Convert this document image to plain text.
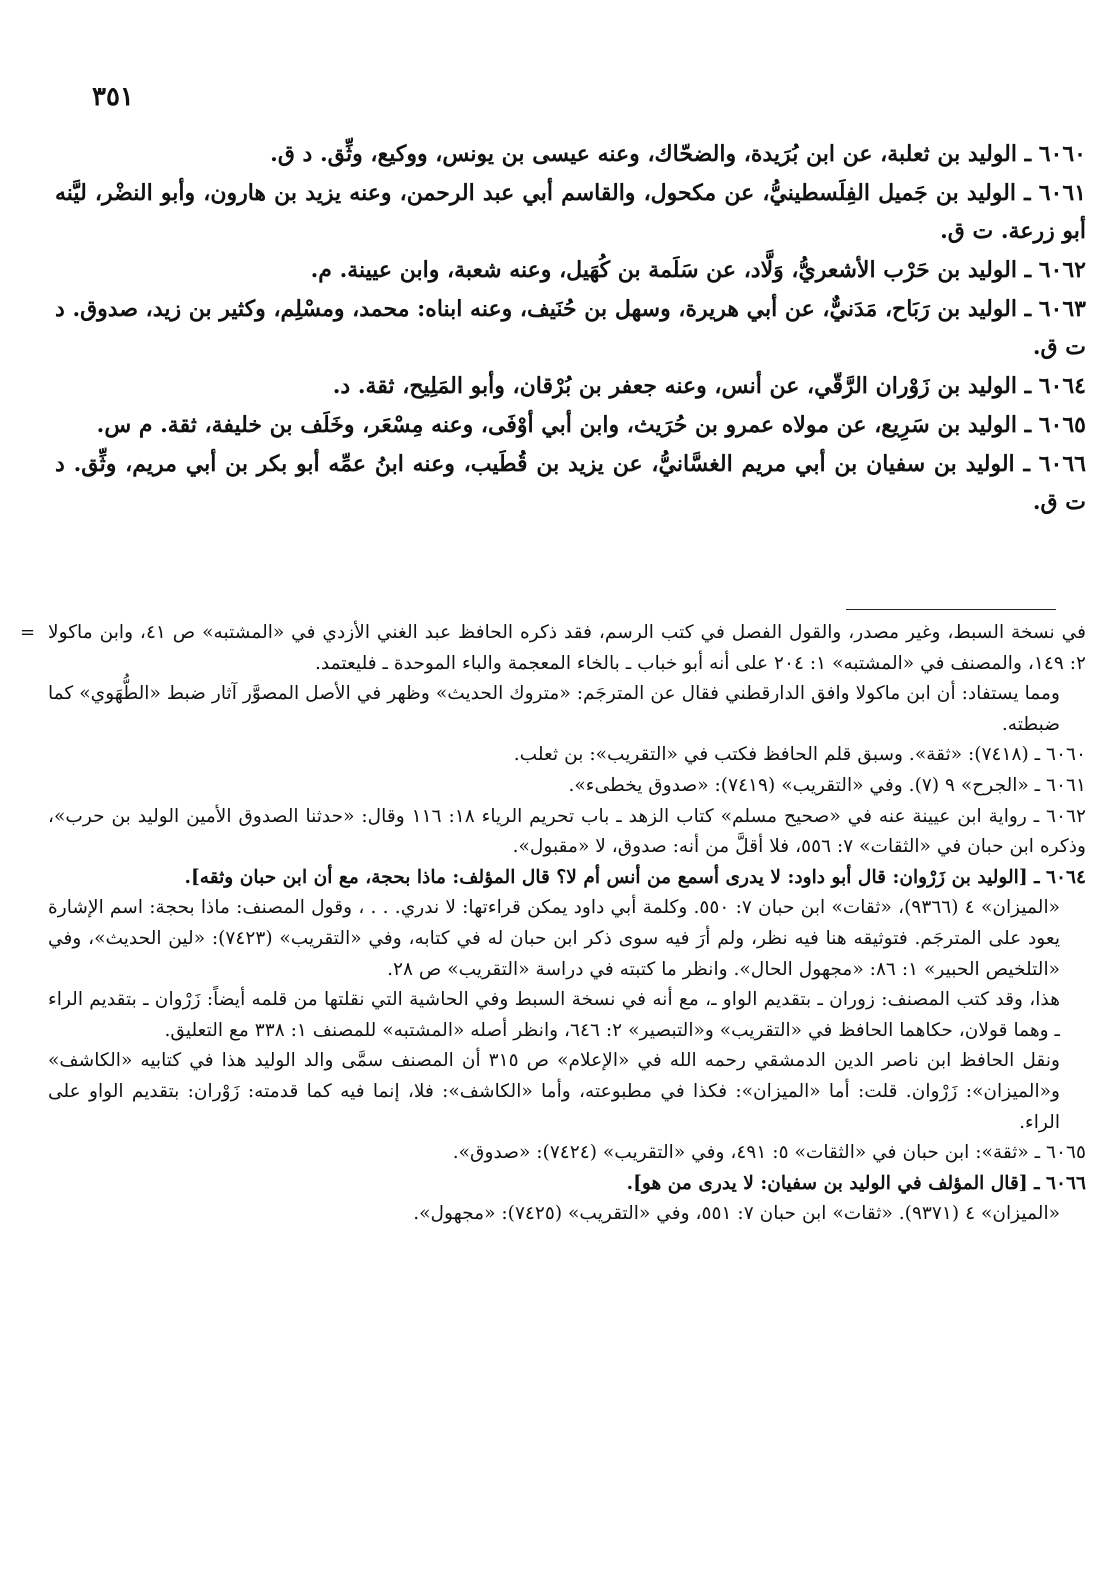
٣٥١
٦٠٦٠ ـ الوليد بن ثعلبة، عن ابن بُرَيدة، والضحّاك، وعنه عيسى بن يونس، ووكيع، وثِّق. د ق.
٦٠٦١ ـ الوليد بن جَميل الفِلَسطينيُّ، عن مكحول، والقاسم أبي عبد الرحمن، وعنه يزيد بن هارون، وأبو النضْر، ليَّنه أبو زرعة. ت ق.
٦٠٦٢ ـ الوليد بن حَرْب الأشعريُّ، وَلَّاد، عن سَلَمة بن كُهَيل، وعنه شعبة، وابن عيينة. م.
٦٠٦٣ ـ الوليد بن رَبَاح، مَدَنيٌّ، عن أبي هريرة، وسهل بن حُنَيف، وعنه ابناه: محمد، ومسْلِم، وكثير بن زيد، صدوق. د ت ق.
٦٠٦٤ ـ الوليد بن زَوْران الرَّقّي، عن أنس، وعنه جعفر بن بُرْقان، وأبو المَلِيح، ثقة. د.
٦٠٦٥ ـ الوليد بن سَرِيع، عن مولاه عمرو بن حُرَيث، وابن أبي أوْفَى، وعنه مِسْعَر، وخَلَف بن خليفة، ثقة. م س.
٦٠٦٦ ـ الوليد بن سفيان بن أبي مريم الغسَّانيُّ، عن يزيد بن قُطَيب، وعنه ابنُ عمِّه أبو بكر بن أبي مريم، وثِّق. د ت ق.
= في نسخة السبط، وغير مصدر، والقول الفصل في كتب الرسم، فقد ذكره الحافظ عبد الغني الأزدي في «المشتبه» ص ٤١، وابن ماكولا ٢: ١٤٩، والمصنف في «المشتبه» ١: ٢٠٤ على أنه أبو خباب ـ بالخاء المعجمة والباء الموحدة ـ فليعتمد.
ومما يستفاد: أن ابن ماكولا وافق الدارقطني فقال عن المترجَم: «متروك الحديث» وظهر في الأصل المصوَّر آثار ضبط «الطُّهَوي» كما ضبطته.
٦٠٦٠ ـ (٧٤١٨): «ثقة». وسبق قلم الحافظ فكتب في «التقريب»: بن ثعلب.
٦٠٦١ ـ «الجرح» ٩ (٧). وفي «التقريب» (٧٤١٩): «صدوق يخطىء».
٦٠٦٢ ـ رواية ابن عيينة عنه في «صحيح مسلم» كتاب الزهد ـ باب تحريم الرياء ١٨: ١١٦ وقال: «حدثنا الصدوق الأمين الوليد بن حرب»، وذكره ابن حبان في «الثقات» ٧: ٥٥٦، فلا أقلَّ من أنه: صدوق، لا «مقبول».
٦٠٦٤ ـ [الوليد بن زَرْوان: قال أبو داود: لا يدرى أسمع من أنس أم لا؟ قال المؤلف: ماذا بحجة، مع أن ابن حبان وثقه].
«الميزان» ٤ (٩٣٦٦)، «ثقات» ابن حبان ٧: ٥٥٠. وكلمة أبي داود يمكن قراءتها: لا ندري. . . ، وقول المصنف: ماذا بحجة: اسم الإشارة يعود على المترجَم. فتوثيقه هنا فيه نظر، ولم أرَ فيه سوى ذكر ابن حبان له في كتابه، وفي «التقريب» (٧٤٢٣): «لين الحديث»، وفي «التلخيص الحبير» ١: ٨٦: «مجهول الحال». وانظر ما كتبته في دراسة «التقريب» ص ٢٨.
هذا، وقد كتب المصنف: زوران ـ بتقديم الواو ـ، مع أنه في نسخة السبط وفي الحاشية التي نقلتها من قلمه أيضاً: زَرْوان ـ بتقديم الراء ـ وهما قولان، حكاهما الحافظ في «التقريب» و«التبصير» ٢: ٦٤٦، وانظر أصله «المشتبه» للمصنف ١: ٣٣٨ مع التعليق.
ونقل الحافظ ابن ناصر الدين الدمشقي رحمه الله في «الإعلام» ص ٣١٥ أن المصنف سمَّى والد الوليد هذا في كتابيه «الكاشف» و«الميزان»: زَرْوان. قلت: أما «الميزان»: فكذا في مطبوعته، وأما «الكاشف»: فلا، إنما فيه كما قدمته: زَوْران: بتقديم الواو على الراء.
٦٠٦٥ ـ «ثقة»: ابن حبان في «الثقات» ٥: ٤٩١، وفي «التقريب» (٧٤٢٤): «صدوق».
٦٠٦٦ ـ [قال المؤلف في الوليد بن سفيان: لا يدرى من هو].
«الميزان» ٤ (٩٣٧١). «ثقات» ابن حبان ٧: ٥٥١، وفي «التقريب» (٧٤٢٥): «مجهول».
